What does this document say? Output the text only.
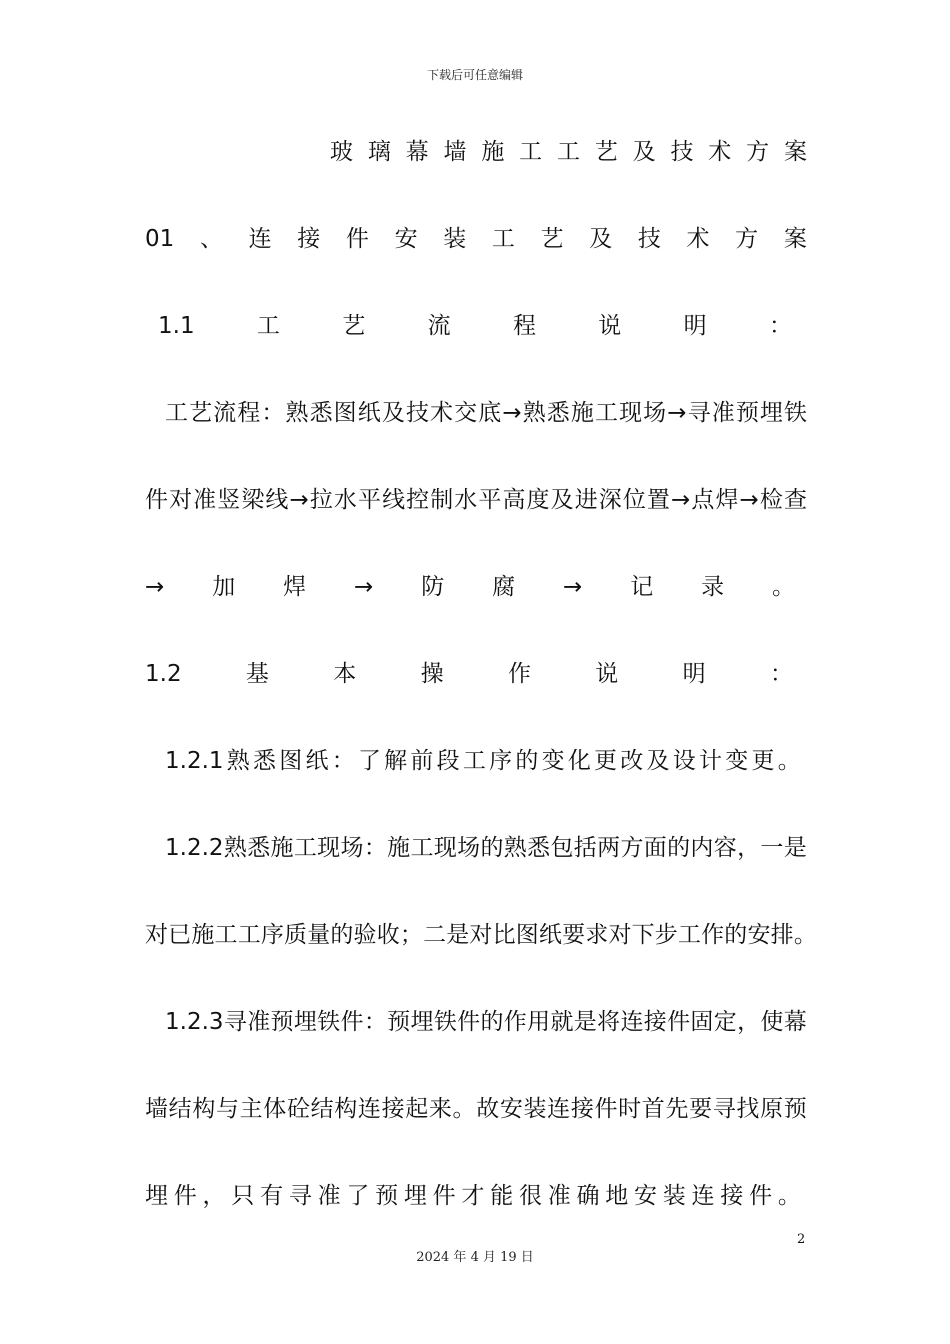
下载后可任意编辑
玻 璃 幕 墙 施 工 工 艺 及 技 术 方 案
01 、 连 接 件 安 装 工 艺 及 技 术 方 案
1.1	工	艺	流	程	说	明	：
工 艺 流 程 ： 熟 悉 图 纸 及 技 术 交 底 → 熟 悉 施 工 现 场 → 寻 准 预 埋 铁
件 对 准 竖 梁 线 → 拉 水 平 线 控 制 水 平 高 度 及 进 深 位 置 → 点 焊 → 检 查
→ 加 焊 → 防 腐 → 记 录 。
1.2	基	本	操	作	说	明	：
1.2.1 熟 悉 图 纸 ： 了 解 前 段 工 序 的 变 化 更 改 及 设 计 变 更 。
1.2.2 熟 悉 施 工 现 场 ： 施 工 现 场 的 熟 悉 包 括 两 方 面 的 内 容 ， 一 是
对 已 施 工 工 序 质 量 的 验 收 ； 二 是 对 比 图 纸 要 求 对 下 步 工 作 的 安 排 。
1.2.3 寻 准 预 埋 铁 件 ： 预 埋 铁 件 的 作 用 就 是 将 连 接 件 固 定 ， 使 幕
墙 结 构 与 主 体 砼 结 构 连 接 起 来 。 故 安 装 连 接 件 时 首 先 要 寻 找 原 预
埋 件 ， 只 有 寻 准 了 预 埋 件 才 能 很 准 确 地 安 装 连 接 件 。
2
2024 年 4 月 19 日
